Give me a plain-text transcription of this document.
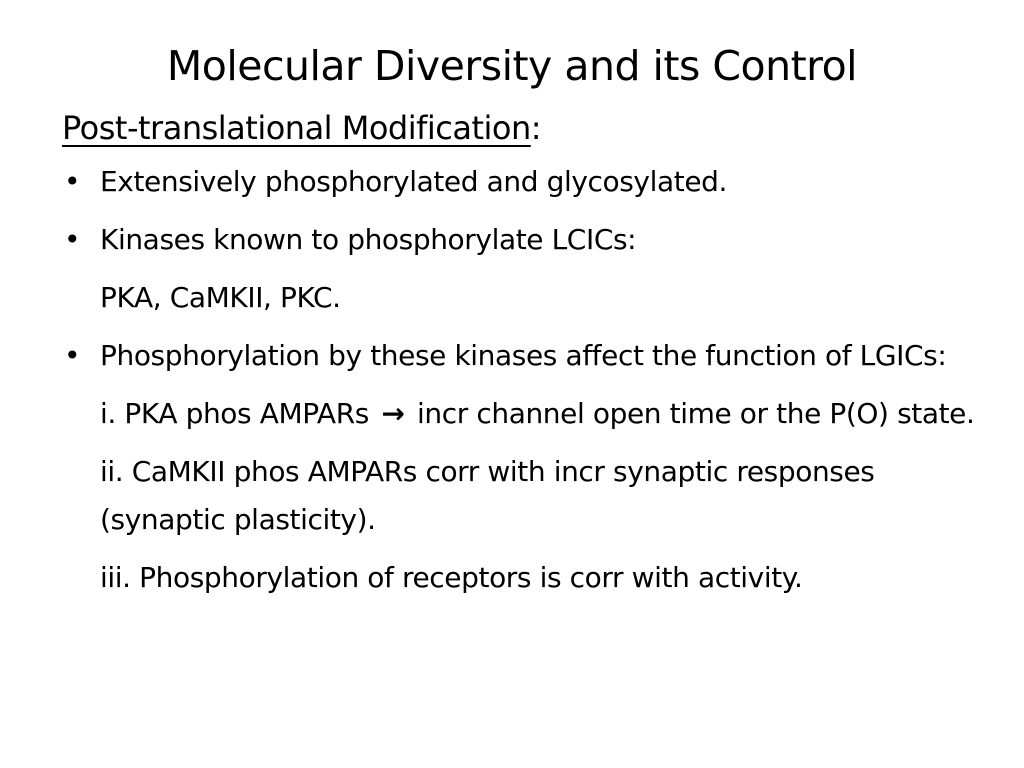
Molecular Diversity and its Control
Post-translational Modification:
• Extensively phosphorylated and glycosylated.
• Kinases known to phosphorylate LCICs:
PKA, CaMKII, PKC.
• Phosphorylation by these kinases affect the function of LGICs:
i. PKA phos AMPARs → incr channel open time or the P(O) state.
ii. CaMKII phos AMPARs corr with incr synaptic responses (synaptic plasticity).
iii. Phosphorylation of receptors is corr with activity.
